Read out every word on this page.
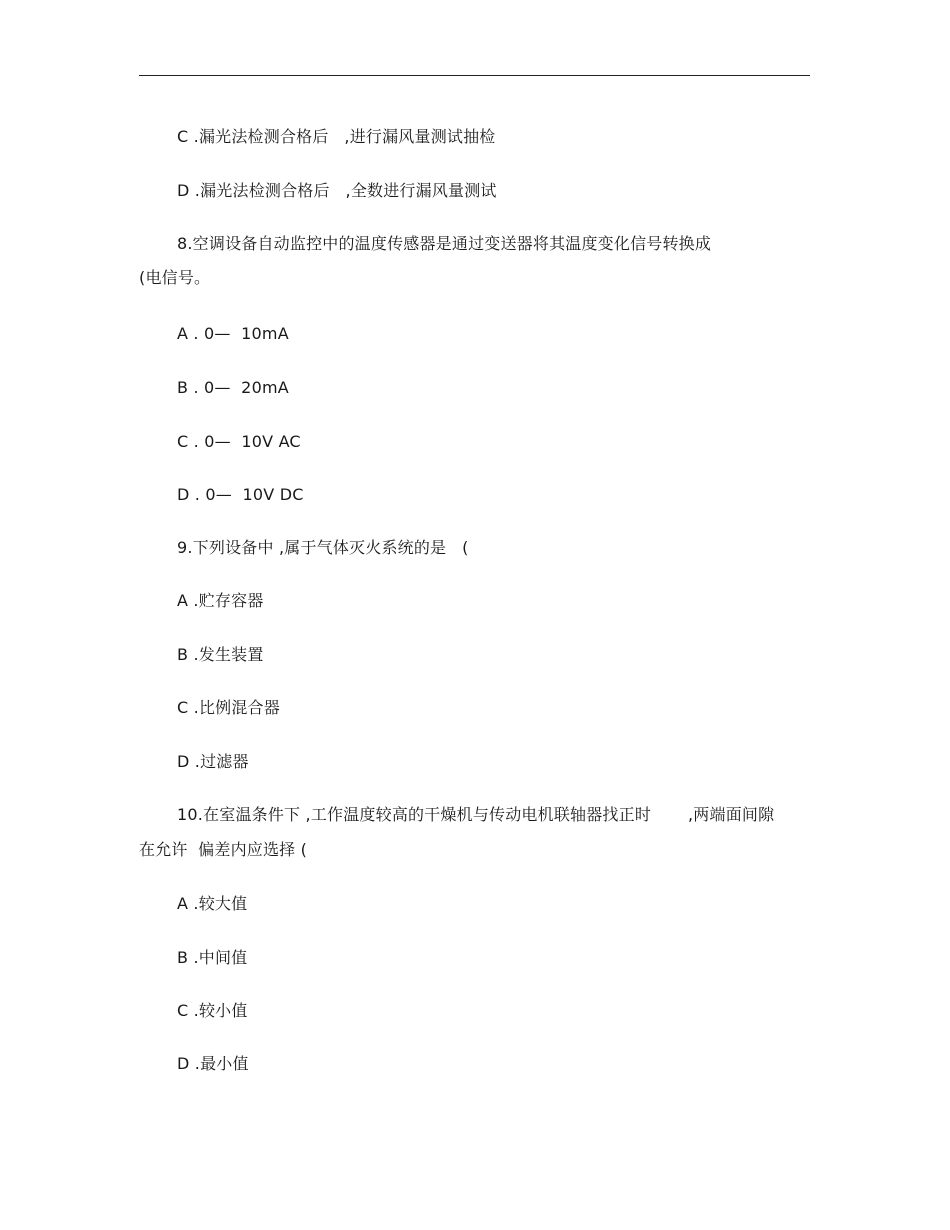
C .漏光法检测合格后   ,进行漏风量测试抽检
D .漏光法检测合格后   ,全数进行漏风量测试
8.空调设备自动监控中的温度传感器是通过变送器将其温度变化信号转换成
(电信号。
A . 0—  10mA
B . 0—  20mA
C . 0—  10V AC
D . 0—  10V DC
9.下列设备中 ,属于气体灭火系统的是   (
A .贮存容器
B .发生装置
C .比例混合器
D .过滤器
10.在室温条件下 ,工作温度较高的干燥机与传动电机联轴器找正时       ,两端面间隙
在允许  偏差内应选择 (
A .较大值
B .中间值
C .较小值
D .最小值
